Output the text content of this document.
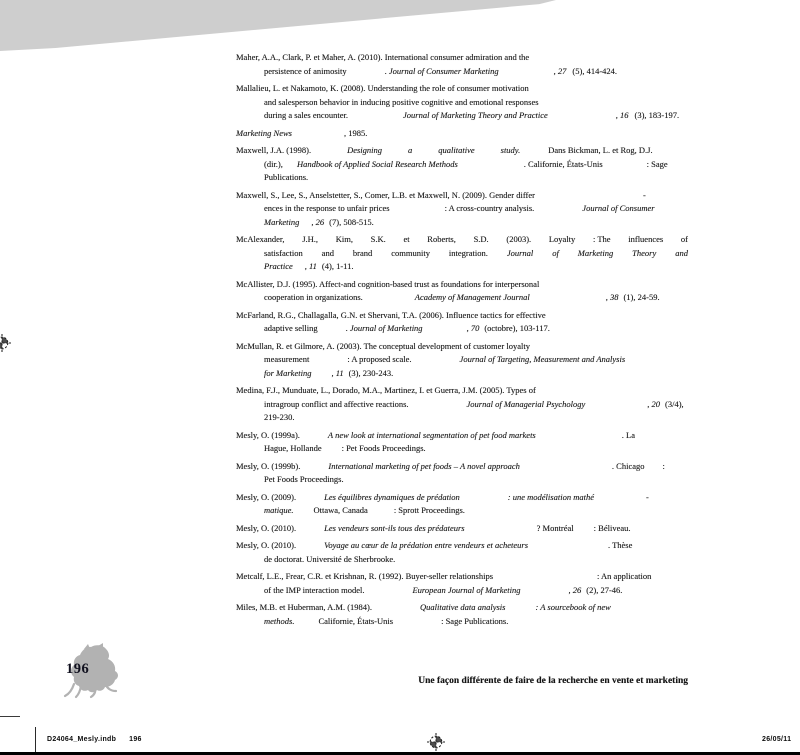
Maher, A.A., Clark, P. et Maher, A. (2010). International consumer admiration and the
persistence of animosity	. Journal of Consumer Marketing	, 27 (5), 414-424.
Mallalieu, L. et Nakamoto, K. (2008). Understanding the role of consumer motivation
and salesperson behavior in inducing positive cognitive and emotional responses
during a sales encounter.	Journal of Marketing Theory and Practice	, 16 (3), 183-197.
Marketing News	, 1985.
Maxwell, J.A. (1998).	Designing	a	qualitative	study.	Dans Bickman, L. et Rog, D.J.
(dir.), Handbook of Applied Social Research Methods	. Californie, États-Unis	: Sage
Publications.
Maxwell, S., Lee, S., Anselstetter, S., Comer, L.B. et Maxwell, N. (2009). Gender differ	-
ences in the response to unfair prices	: A cross-country analysis.	Journal of Consumer
Marketing , 26 (7), 508-515.
McAlexander, J.H., Kim, S.K. et Roberts, S.D. (2003). Loyalty : The influences of
satisfaction and brand community integration. Journal of Marketing Theory and
Practice , 11 (4), 1-11.
McAllister, D.J. (1995). Affect-and cognition-based trust as foundations for interpersonal
cooperation in organizations.	Academy of Management Journal	, 38 (1), 24-59.
McFarland, R.G., Challagalla, G.N. et Shervani, T.A. (2006). Influence tactics for effective
adaptive selling	. Journal of Marketing	, 70 (octobre), 103-117.
McMullan, R. et Gilmore, A. (2003). The conceptual development of customer loyalty
measurement	: A proposed scale.	Journal of Targeting, Measurement and Analysis
for Marketing , 11 (3), 230-243.
Medina, F.J., Munduate, L., Dorado, M.A., Martinez, I. et Guerra, J.M. (2005). Types of
intragroup conflict and affective reactions.	Journal of Managerial Psychology	, 20 (3/4),
219-230.
Mesly, O. (1999a).	A new look at international segmentation of pet food markets	. La
Hague, Hollande : Pet Foods Proceedings.
Mesly, O. (1999b).	International marketing of pet foods – A novel approach	. Chicago :
Pet Foods Proceedings.
Mesly, O. (2009).	Les équilibres dynamiques de prédation	: une modélisation mathé	-
matique. Ottawa, Canada	: Sprott Proceedings.
Mesly, O. (2010).	Les vendeurs sont-ils tous des prédateurs	? Montréal : Béliveau.
Mesly, O. (2010).	Voyage au cœur de la prédation entre vendeurs et acheteurs	. Thèse
de doctorat. Université de Sherbrooke.
Metcalf, L.E., Frear, C.R. et Krishnan, R. (1992). Buyer-seller relationships	: An application
of the IMP interaction model.	European Journal of Marketing	, 26 (2), 27-46.
Miles, M.B. et Huberman, A.M. (1984).	Qualitative data analysis	: A sourcebook of new
methods.	Californie, États-Unis	: Sage Publications.
196
Une façon différente de faire de la recherche en vente et marketing
D24064_Mesly.indb 196	26/05/11
